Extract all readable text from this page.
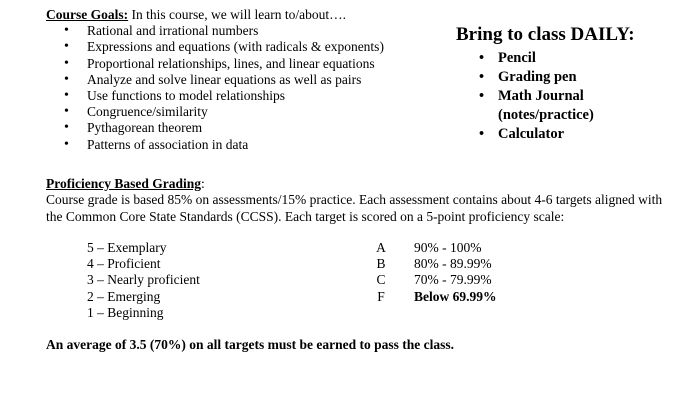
Course Goals: In this course, we will learn to/about….
• Rational and irrational numbers
• Expressions and equations (with radicals & exponents)
• Proportional relationships, lines, and linear equations
• Analyze and solve linear equations as well as pairs
• Use functions to model relationships
• Congruence/similarity
• Pythagorean theorem
• Patterns of association in data
Bring to class DAILY:
• Pencil
• Grading pen
• Math Journal
(notes/practice)
• Calculator
Proficiency Based Grading:

Course grade is based 85% on assessments/15% practice. Each assessment contains about 4-6 targets aligned with the Common Core State Standards (CCSS). Each target is scored on a 5-point proficiency scale:

5 – Exemplary
4 – Proficient
3 – Nearly proficient
2 – Emerging
1 – Beginning
A
B
C
F
90% - 100%
80% - 89.99%
70% - 79.99%
Below 69.99%
An average of 3.5 (70%) on all targets must be earned to pass the class.
